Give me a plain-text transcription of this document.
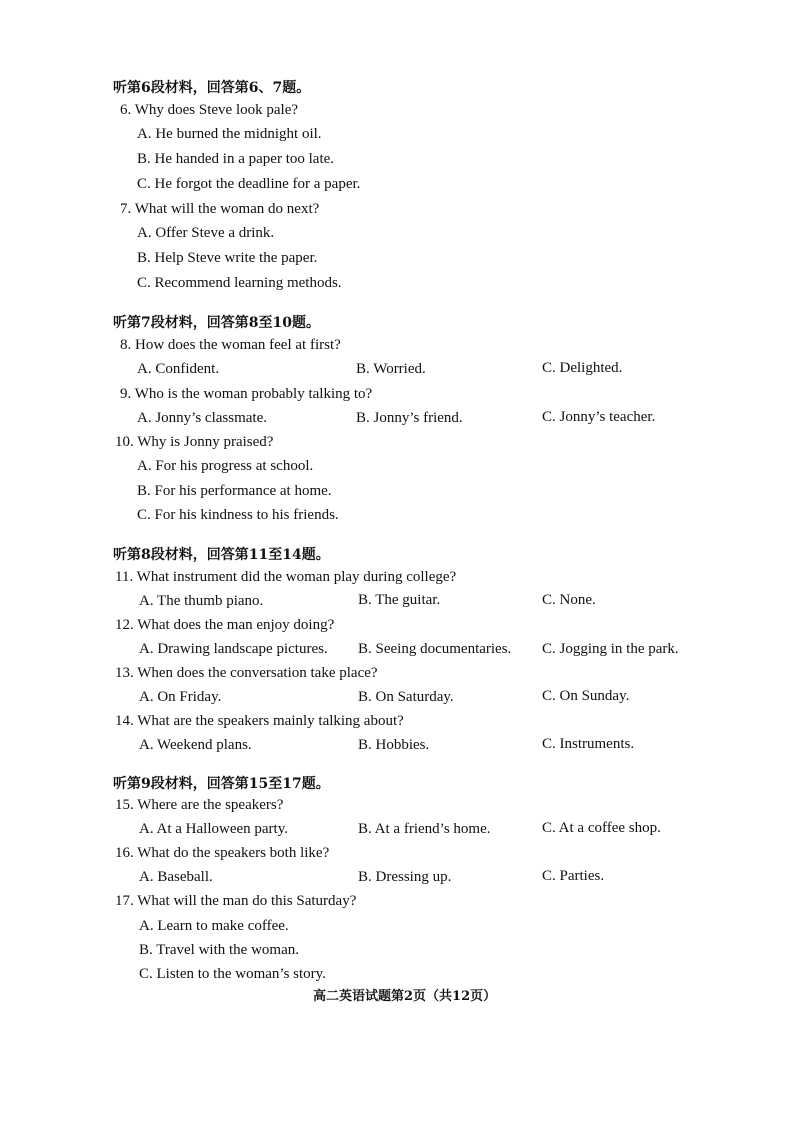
听第6段材料，回答第6、7题。
6. Why does Steve look pale?
A. He burned the midnight oil.
B. He handed in a paper too late.
C. He forgot the deadline for a paper.
7. What will the woman do next?
A. Offer Steve a drink.
B. Help Steve write the paper.
C. Recommend learning methods.
听第7段材料，回答第8至10题。
8. How does the woman feel at first?
A. Confident.	B. Worried.	C. Delighted.
9. Who is the woman probably talking to?
A. Jonny’s classmate.	B. Jonny’s friend.	C. Jonny’s teacher.
10. Why is Jonny praised?
A. For his progress at school.
B. For his performance at home.
C. For his kindness to his friends.
听第8段材料，回答第11至14题。
11. What instrument did the woman play during college?
A. The thumb piano.	B. The guitar.	C. None.
12. What does the man enjoy doing?
A. Drawing landscape pictures. B. Seeing documentaries. C. Jogging in the park.
13. When does the conversation take place?
A. On Friday.	B. On Saturday.	C. On Sunday.
14. What are the speakers mainly talking about?
A. Weekend plans.	B. Hobbies.	C. Instruments.
听第9段材料，回答第15至17题。
15. Where are the speakers?
A. At a Halloween party.	B. At a friend’s home.	C. At a coffee shop.
16. What do the speakers both like?
A. Baseball.	B. Dressing up.	C. Parties.
17. What will the man do this Saturday?
A. Learn to make coffee.
B. Travel with the woman.
C. Listen to the woman’s story.
高二英语试题第2页（共12页）
